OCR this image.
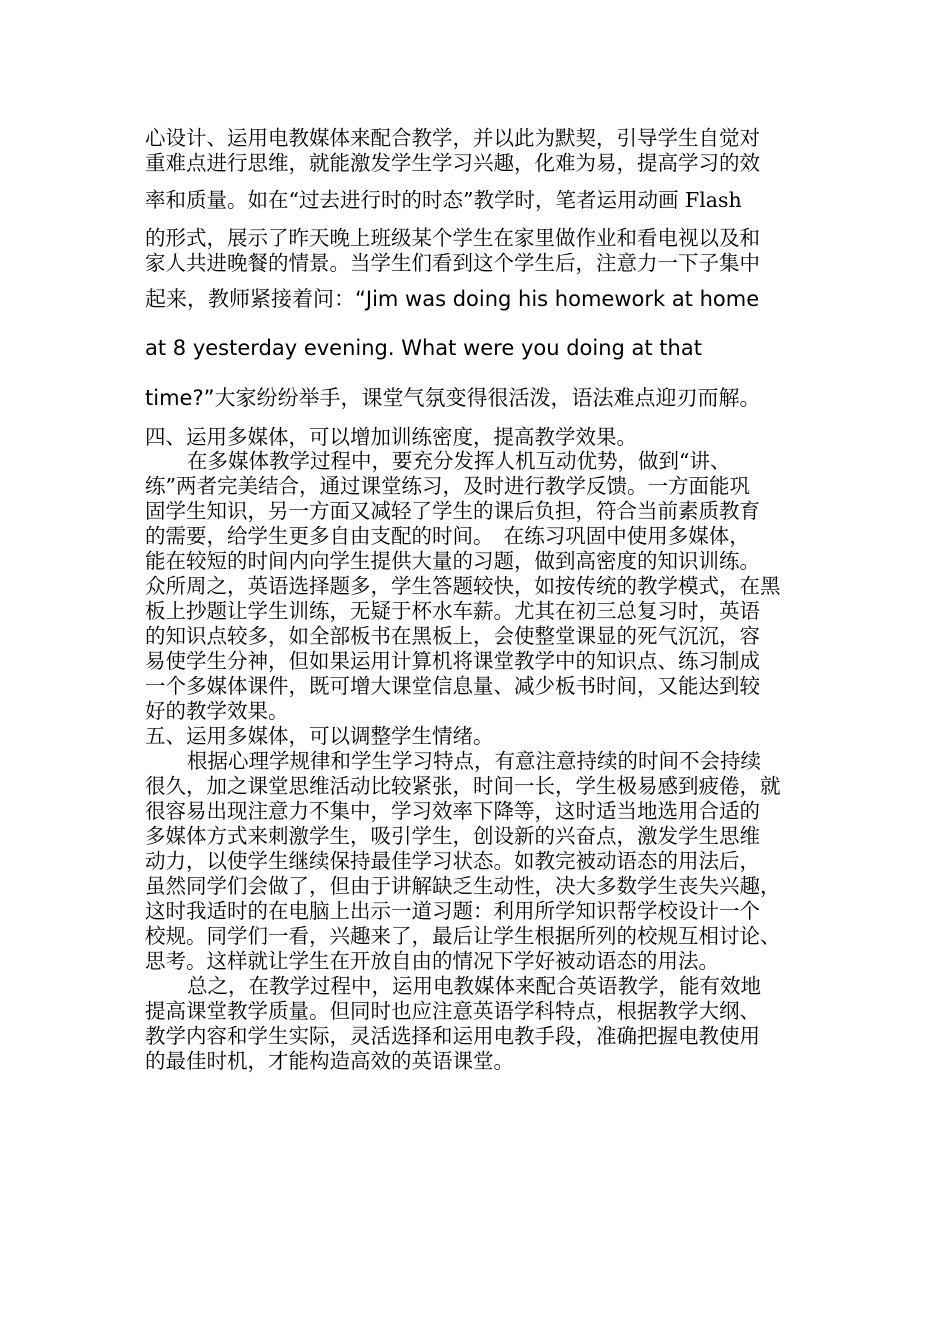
心设计、运用电教媒体来配合教学，并以此为默契，引导学生自觉对
重难点进行思维，就能激发学生学习兴趣，化难为易，提高学习的效
率和质量。如在“过去进行时的时态”教学时，笔者运用动画 Flash
的形式，展示了昨天晚上班级某个学生在家里做作业和看电视以及和
家人共进晚餐的情景。当学生们看到这个学生后，注意力一下子集中
起来，教师紧接着问：“Jim was doing his homework at home
at 8 yesterday evening. What were you doing at that
time?”大家纷纷举手，课堂气氛变得很活泼，语法难点迎刃而解。
四、运用多媒体，可以增加训练密度，提高教学效果。
在多媒体教学过程中，要充分发挥人机互动优势，做到“讲、
练”两者完美结合，通过课堂练习，及时进行教学反馈。一方面能巩
固学生知识，另一方面又减轻了学生的课后负担，符合当前素质教育
的需要，给学生更多自由支配的时间。　在练习巩固中使用多媒体，
能在较短的时间内向学生提供大量的习题，做到高密度的知识训练。
众所周之，英语选择题多，学生答题较快，如按传统的教学模式，在黑
板上抄题让学生训练，无疑于杯水车薪。尤其在初三总复习时，英语
的知识点较多，如全部板书在黑板上，会使整堂课显的死气沉沉，容
易使学生分神，但如果运用计算机将课堂教学中的知识点、练习制成
一个多媒体课件，既可增大课堂信息量、减少板书时间，又能达到较
好的教学效果。
五、运用多媒体，可以调整学生情绪。
根据心理学规律和学生学习特点，有意注意持续的时间不会持续
很久，加之课堂思维活动比较紧张，时间一长，学生极易感到疲倦，就
很容易出现注意力不集中，学习效率下降等，这时适当地选用合适的
多媒体方式来刺激学生，吸引学生，创设新的兴奋点，激发学生思维
动力，以使学生继续保持最佳学习状态。如教完被动语态的用法后，
虽然同学们会做了，但由于讲解缺乏生动性，决大多数学生丧失兴趣，
这时我适时的在电脑上出示一道习题：利用所学知识帮学校设计一个
校规。同学们一看，兴趣来了，最后让学生根据所列的校规互相讨论、
思考。这样就让学生在开放自由的情况下学好被动语态的用法。
总之，在教学过程中，运用电教媒体来配合英语教学，能有效地
提高课堂教学质量。但同时也应注意英语学科特点，根据教学大纲、
教学内容和学生实际，灵活选择和运用电教手段，准确把握电教使用
的最佳时机，才能构造高效的英语课堂。
